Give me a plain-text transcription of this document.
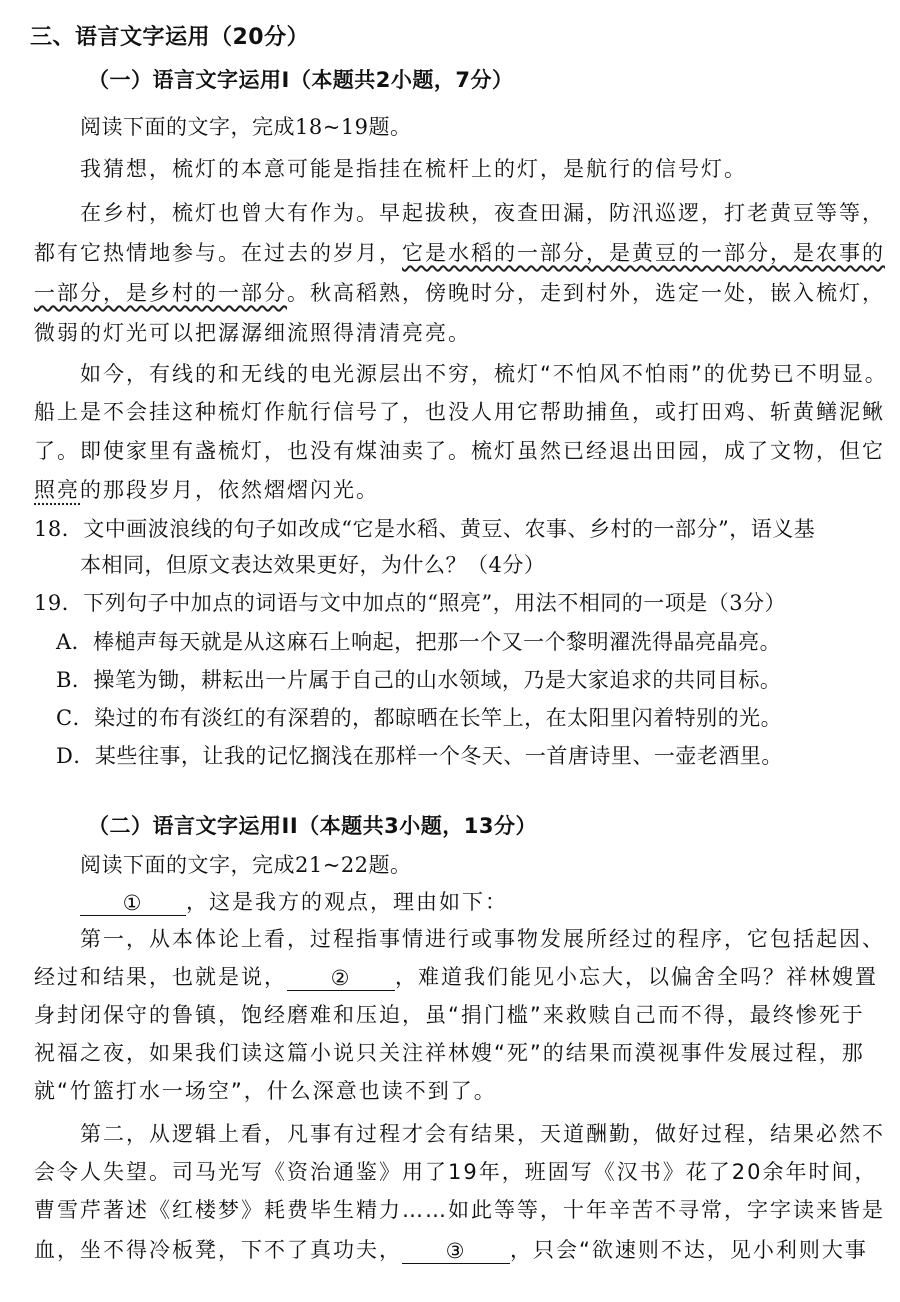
三、语言文字运用（20分）
（一）语言文字运用Ⅰ（本题共2小题，7分）
阅读下面的文字，完成18~19题。
我猜想，梳灯的本意可能是指挂在梳杆上的灯，是航行的信号灯。
在乡村，梳灯也曾大有作为。早起拔秧，夜查田漏，防汛巡逻，打老黄豆等等，
都有它热情地参与。在过去的岁月，它是水稻的一部分，是黄豆的一部分，是农事的
一部分，是乡村的一部分。秋高稻熟，傍晚时分，走到村外，选定一处，嵌入梳灯，
微弱的灯光可以把潺潺细流照得清清亮亮。
如今，有线的和无线的电光源层出不穷，梳灯“不怕风不怕雨”的优势已不明显。
船上是不会挂这种梳灯作航行信号了，也没人用它帮助捕鱼，或打田鸡、斩黄鳝泥鳅
了。即使家里有盏梳灯，也没有煤油卖了。梳灯虽然已经退出田园，成了文物，但它
照亮的那段岁月，依然熠熠闪光。
18．文中画波浪线的句子如改成“它是水稻、黄豆、农事、乡村的一部分”，语义基
本相同，但原文表达效果更好，为什么？（4分）
19．下列句子中加点的词语与文中加点的“照亮”，用法不相同的一项是（3分）
A．棒槌声每天就是从这麻石上响起，把那一个又一个黎明濯洗得晶亮晶亮。
B．操笔为锄，耕耘出一片属于自己的山水领域，乃是大家追求的共同目标。
C．染过的布有淡红的有深碧的，都晾晒在长竿上，在太阳里闪着特别的光。
D．某些往事，让我的记忆搁浅在那样一个冬天、一首唐诗里、一壶老酒里。
（二）语言文字运用II（本题共3小题，13分）
阅读下面的文字，完成21~22题。
① ，这是我方的观点，理由如下：
第一，从本体论上看，过程指事情进行或事物发展所经过的程序，它包括起因、
经过和结果，也就是说， ② ，难道我们能见小忘大，以偏舍全吗？祥林嫂置
身封闭保守的鲁镇，饱经磨难和压迫，虽“捐门槛”来救赎自己而不得，最终惨死于
祝福之夜，如果我们读这篇小说只关注祥林嫂“死”的结果而漠视事件发展过程，那
就“竹篮打水一场空”，什么深意也读不到了。
第二，从逻辑上看，凡事有过程才会有结果，天道酬勤，做好过程，结果必然不
会令人失望。司马光写《资治通鉴》用了19年，班固写《汉书》花了20余年时间，
曹雪芹著述《红楼梦》耗费毕生精力……如此等等，十年辛苦不寻常，字字读来皆是
血，坐不得冷板凳，下不了真功夫， ③ ，只会“欲速则不达，见小利则大事
